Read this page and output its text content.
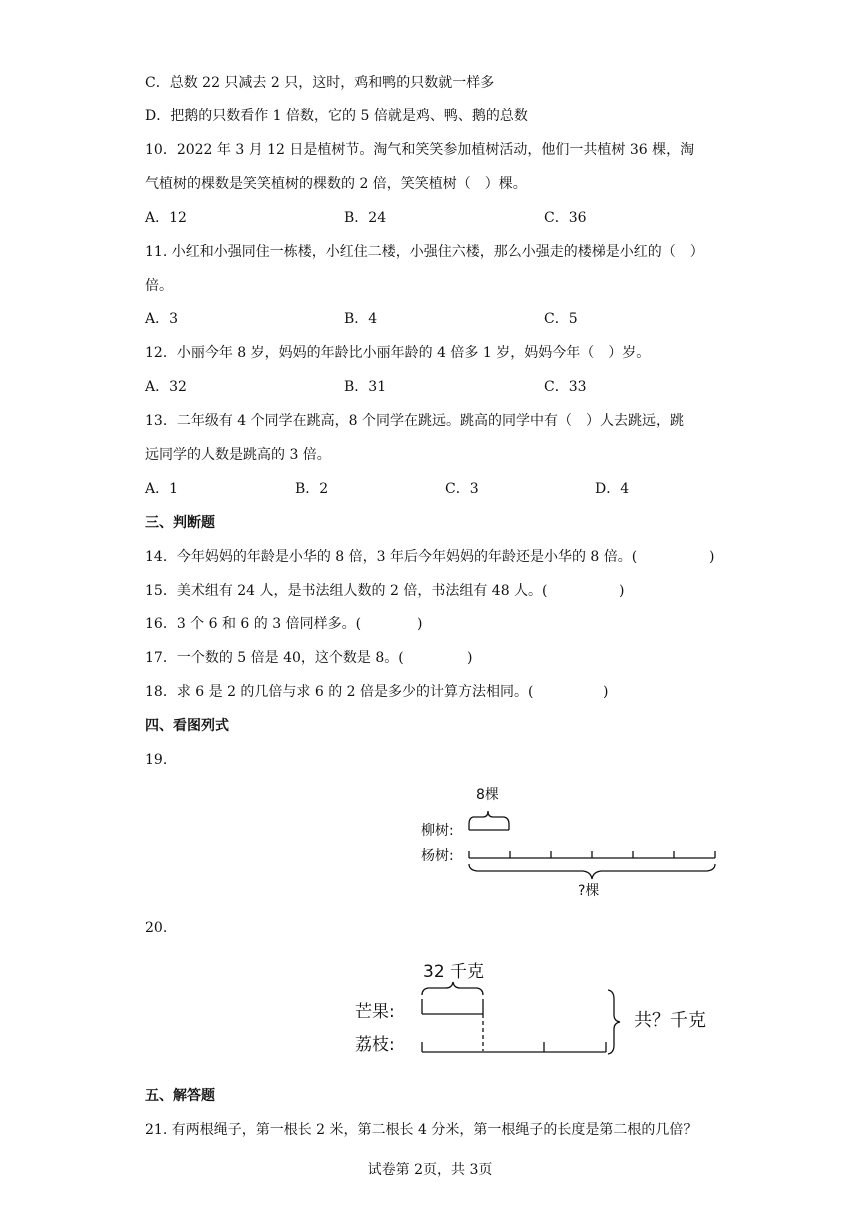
C．总数 22 只减去 2 只，这时，鸡和鸭的只数就一样多
D．把鹅的只数看作 1 倍数，它的 5 倍就是鸡、鸭、鹅的总数
10．2022 年 3 月 12 日是植树节。淘气和笑笑参加植树活动，他们一共植树 36 棵，淘
气植树的棵数是笑笑植树的棵数的 2 倍，笑笑植树（　）棵。
A．12	B．24	C．36
11. 小红和小强同住一栋楼，小红住二楼，小强住六楼，那么小强走的楼梯是小红的（　）
倍。
A．3	B．4	C．5
12．小丽今年 8 岁，妈妈的年龄比小丽年龄的 4 倍多 1 岁，妈妈今年（　）岁。
A．32	B．31	C．33
13．二年级有 4 个同学在跳高，8 个同学在跳远。跳高的同学中有（　）人去跳远，跳
远同学的人数是跳高的 3 倍。
A．1	B．2	C．3	D．4
三、判断题
14．今年妈妈的年龄是小华的 8 倍，3 年后今年妈妈的年龄还是小华的 8 倍。(	)
15．美术组有 24 人，是书法组人数的 2 倍，书法组有 48 人。(	)
16．3 个 6 和 6 的 3 倍同样多。(	)
17．一个数的 5 倍是 40，这个数是 8。(	)
18．求 6 是 2 的几倍与求 6 的 2 倍是多少的计算方法相同。(	)
四、看图列式
19.
8棵
柳树:
杨树:
?棵
20.
32 千克
芒果:
荔枝:
共？千克
五、解答题
21. 有两根绳子，第一根长 2 米，第二根长 4 分米，第一根绳子的长度是第二根的几倍？
试卷第 2页，共 3页
